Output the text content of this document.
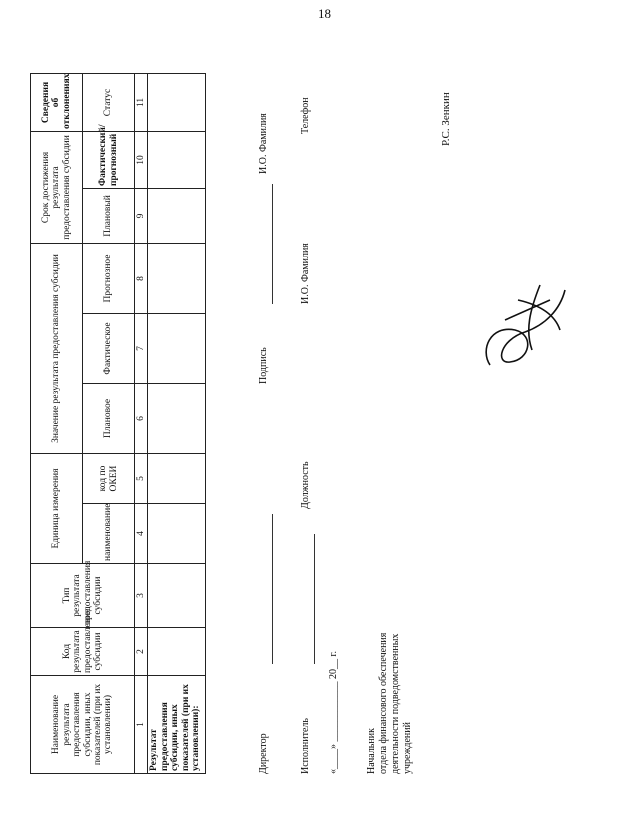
18
Наименование результата предоставления субсидии, иных показателей (при их установлении)	Код результата предоставления субсидии	Тип результата предоставления субсидии	Единица измерения		Значение результата предоставления субсидии			Срок достижения результата предоставления субсидии		Сведения об отклонениях
			наименование	код по ОКЕИ	Плановое	Фактическое	Прогнозное	Плановый	Фактический/ прогнозный	Статус
1	2	3	4	5	6	7	8	9	10	11
Результат предоставления субсидии, иных показателей (при их установлении):											Директор
Подпись
И.О. Фамилия
Исполнитель
Должность
И.О. Фамилия
Телефон
«____» ____________ 20__ г.	Начальник отдела финансового обеспечения деятельности подведомственных учреждений
Р.С. Зенкин
